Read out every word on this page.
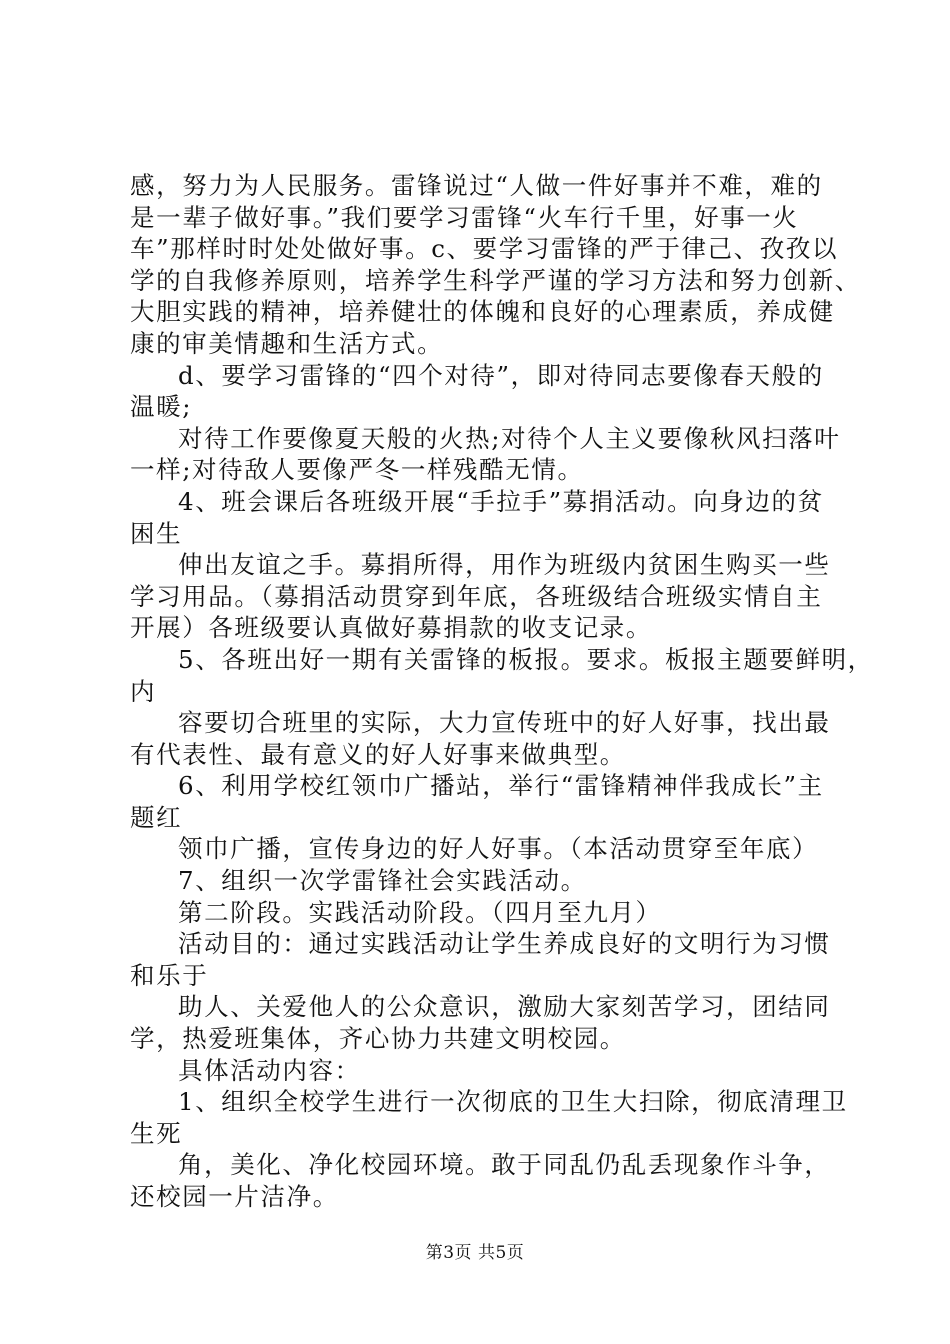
感，努力为人民服务。雷锋说过“人做一件好事并不难，难的
是一辈子做好事。”我们要学习雷锋“火车行千里，好事一火
车”那样时时处处做好事。c、要学习雷锋的严于律己、孜孜以
学的自我修养原则，培养学生科学严谨的学习方法和努力创新、
大胆实践的精神，培养健壮的体魄和良好的心理素质，养成健
康的审美情趣和生活方式。
d、要学习雷锋的“四个对待”，即对待同志要像春天般的
温暖;
对待工作要像夏天般的火热;对待个人主义要像秋风扫落叶
一样;对待敌人要像严冬一样残酷无情。
4、班会课后各班级开展“手拉手”募捐活动。向身边的贫
困生
伸出友谊之手。募捐所得，用作为班级内贫困生购买一些
学习用品。（募捐活动贯穿到年底，各班级结合班级实情自主
开展）各班级要认真做好募捐款的收支记录。
5、各班出好一期有关雷锋的板报。要求。板报主题要鲜明，
内
容要切合班里的实际，大力宣传班中的好人好事，找出最
有代表性、最有意义的好人好事来做典型。
6、利用学校红领巾广播站，举行“雷锋精神伴我成长”主
题红
领巾广播，宣传身边的好人好事。（本活动贯穿至年底）
7、组织一次学雷锋社会实践活动。
第二阶段。实践活动阶段。（四月至九月）
活动目的：通过实践活动让学生养成良好的文明行为习惯
和乐于
助人、关爱他人的公众意识，激励大家刻苦学习，团结同
学，热爱班集体，齐心协力共建文明校园。
具体活动内容：
1、组织全校学生进行一次彻底的卫生大扫除，彻底清理卫
生死
角，美化、净化校园环境。敢于同乱仍乱丢现象作斗争，
还校园一片洁净。
第3页 共5页
